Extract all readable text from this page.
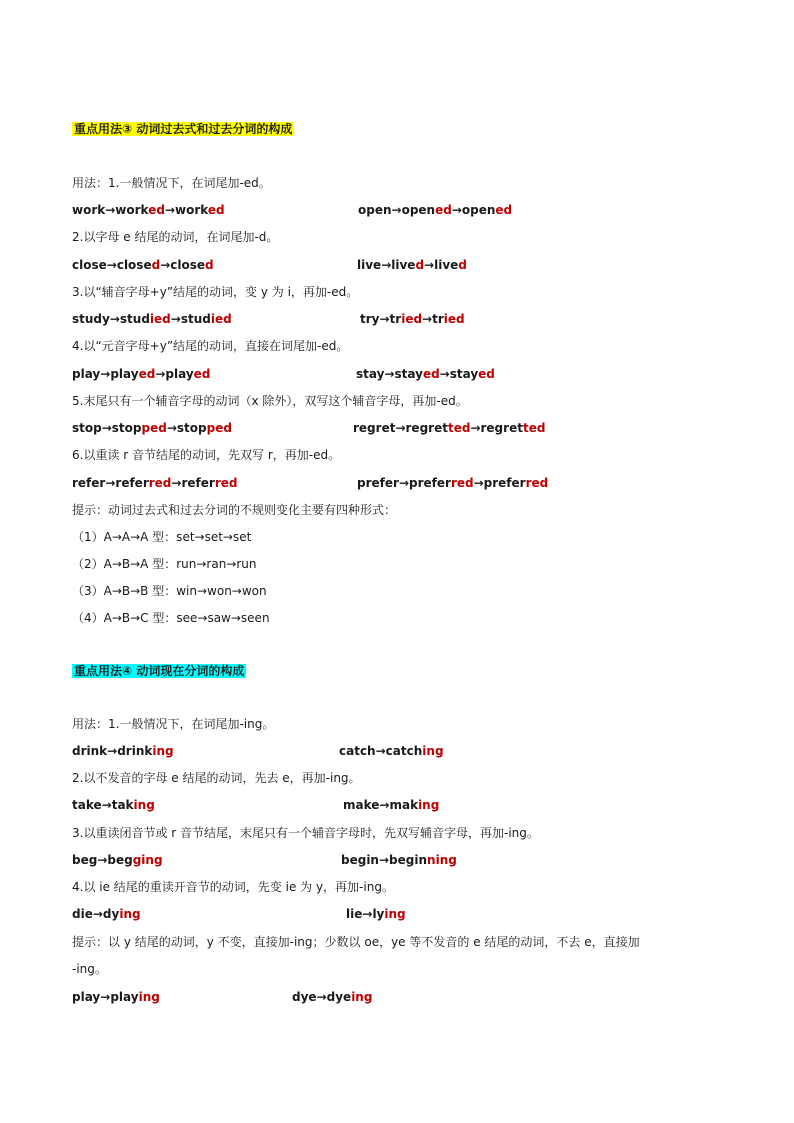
重点用法③ 动词过去式和过去分词的构成
用法：1.一般情况下，在词尾加-ed。
work→worked→worked	open→opened→opened
2.以字母 e 结尾的动词，在词尾加-d。
close→closed→closed	live→lived→lived
3.以“辅音字母+y”结尾的动词，变 y 为 i，再加-ed。
study→studied→studied	try→tried→tried
4.以“元音字母+y”结尾的动词，直接在词尾加-ed。
play→played→played	stay→stayed→stayed
5.末尾只有一个辅音字母的动词（x 除外），双写这个辅音字母，再加-ed。
stop→stopped→stopped	regret→regretted→regretted
6.以重读 r 音节结尾的动词，先双写 r，再加-ed。
refer→referred→referred	prefer→preferred→preferred
提示：动词过去式和过去分词的不规则变化主要有四种形式：
（1）A→A→A 型：set→set→set
（2）A→B→A 型：run→ran→run
（3）A→B→B 型：win→won→won
（4）A→B→C 型：see→saw→seen
重点用法④ 动词现在分词的构成
用法：1.一般情况下，在词尾加-ing。
drink→drinking	catch→catching
2.以不发音的字母 e 结尾的动词，先去 e，再加-ing。
take→taking	make→making
3.以重读闭音节或 r 音节结尾，末尾只有一个辅音字母时，先双写辅音字母，再加-ing。
beg→begging	begin→beginning
4.以 ie 结尾的重读开音节的动词，先变 ie 为 y，再加-ing。
die→dying	lie→lying
提示：以 y 结尾的动词，y 不变，直接加-ing；少数以 oe，ye 等不发音的 e 结尾的动词，不去 e，直接加
-ing。
play→playing	dye→dyeing
